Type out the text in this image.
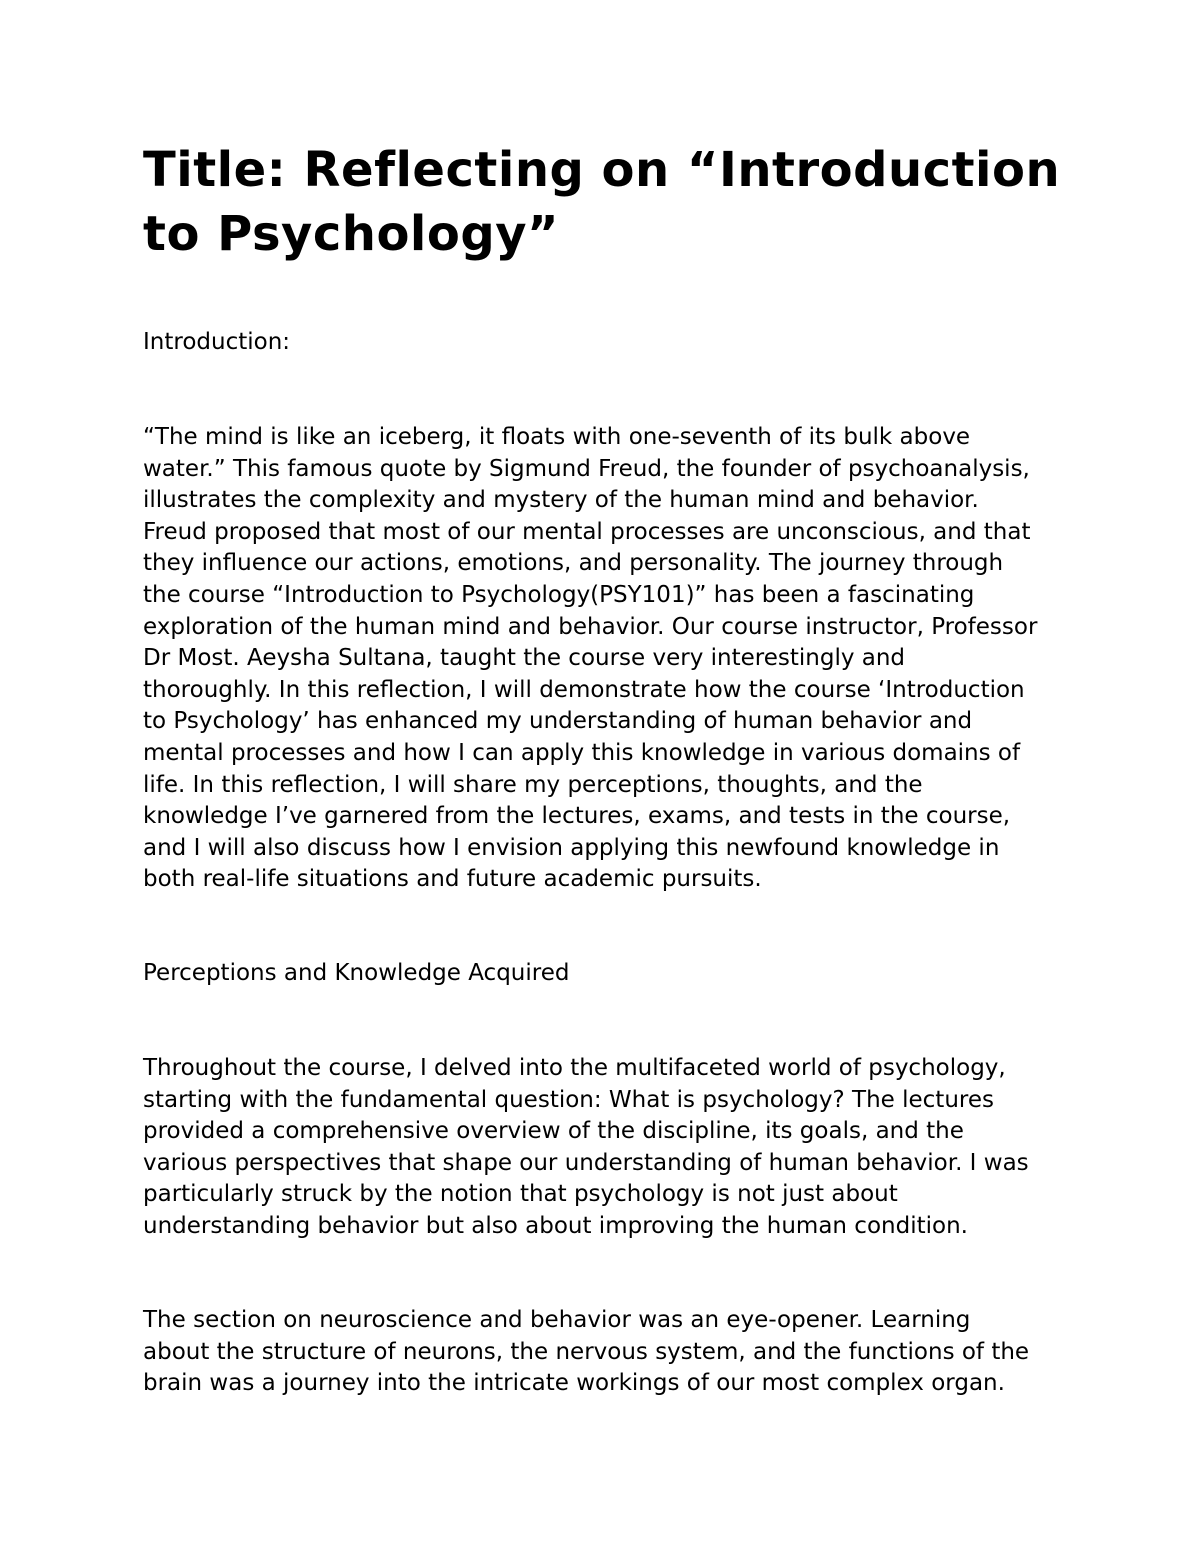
Title: Reflecting on “Introduction to Psychology”

Introduction:

“The mind is like an iceberg, it floats with one-seventh of its bulk above
water.” This famous quote by Sigmund Freud, the founder of psychoanalysis,
illustrates the complexity and mystery of the human mind and behavior.
Freud proposed that most of our mental processes are unconscious, and that
they influence our actions, emotions, and personality. The journey through
the course “Introduction to Psychology(PSY101)” has been a fascinating
exploration of the human mind and behavior. Our course instructor, Professor
Dr Most. Aeysha Sultana, taught the course very interestingly and
thoroughly. In this reflection, I will demonstrate how the course ‘Introduction
to Psychology’ has enhanced my understanding of human behavior and
mental processes and how I can apply this knowledge in various domains of
life. In this reflection, I will share my perceptions, thoughts, and the
knowledge I’ve garnered from the lectures, exams, and tests in the course,
and I will also discuss how I envision applying this newfound knowledge in
both real-life situations and future academic pursuits.

Perceptions and Knowledge Acquired

Throughout the course, I delved into the multifaceted world of psychology,
starting with the fundamental question: What is psychology? The lectures
provided a comprehensive overview of the discipline, its goals, and the
various perspectives that shape our understanding of human behavior. I was
particularly struck by the notion that psychology is not just about
understanding behavior but also about improving the human condition.

The section on neuroscience and behavior was an eye-opener. Learning
about the structure of neurons, the nervous system, and the functions of the
brain was a journey into the intricate workings of our most complex organ.
